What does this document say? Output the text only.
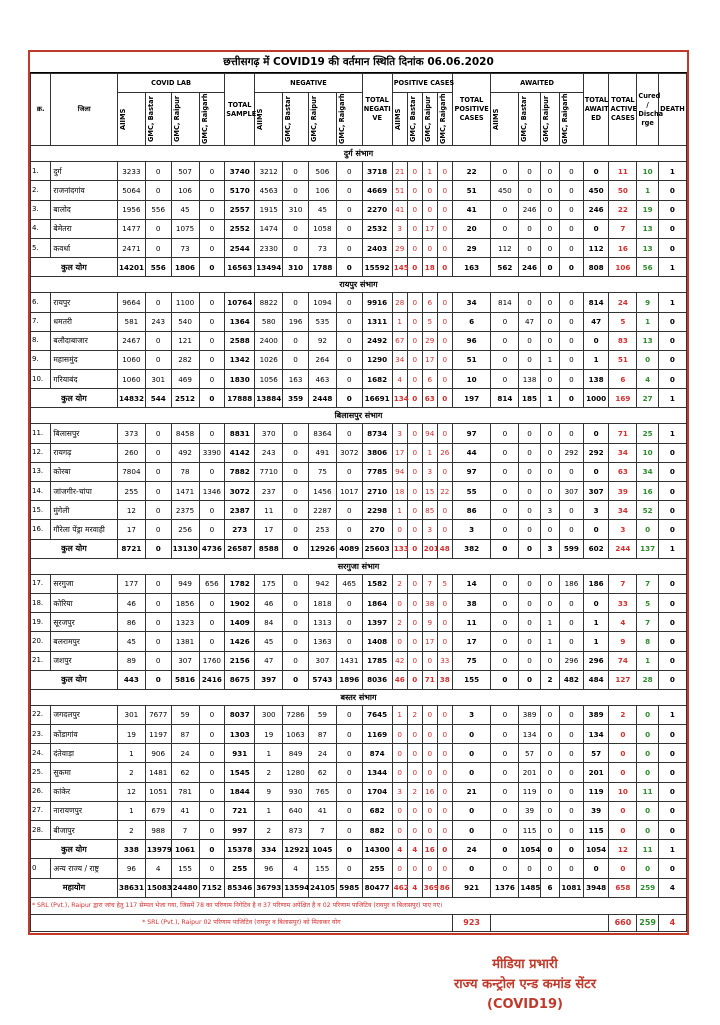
छत्तीसगढ़ में COVID19 की वर्तमान स्थिति दिनांक 06.06.2020
क्र.	जिला	COVID LAB				TOTAL SAMPLE	NEGATIVE				TOTAL NEGATI VE	POSITIVE CASES				TOTAL POSITIVE CASES	AWAITED				TOTAL AWAIT ED	TOTAL ACTIVE CASES	Cured / Discha rge	DEATH

		AIIMS	GMC, Bastar	GMC, Raipur	GMC, Raigarh		AIIMS	GMC, Bastar	GMC, Raipur	GMC, Raigarh		AIIMS	GMC, Bastar	GMC, Raipur	GMC, Raigarh		AIIMS	GMC, Bastar	GMC, Raipur	GMC, Raigarh				

दुर्ग संभाग																								
1.	दुर्ग	3233	0	507	0	3740	3212	0	506	0	3718	21	0	1	0	22	0	0	0	0	0	11	10	1
2.	राजनांदगांव	5064	0	106	0	5170	4563	0	106	0	4669	51	0	0	0	51	450	0	0	0	450	50	1	0
3.	बालोद	1956	556	45	0	2557	1915	310	45	0	2270	41	0	0	0	41	0	246	0	0	246	22	19	0
4.	बेमेतरा	1477	0	1075	0	2552	1474	0	1058	0	2532	3	0	17	0	20	0	0	0	0	0	7	13	0
5.	कवर्धा	2471	0	73	0	2544	2330	0	73	0	2403	29	0	0	0	29	112	0	0	0	112	16	13	0
कुल योग		14201	556	1806	0	16563	13494	310	1788	0	15592	145	0	18	0	163	562	246	0	0	808	106	56	1
रायपुर संभाग																								
6.	रायपुर	9664	0	1100	0	10764	8822	0	1094	0	9916	28	0	6	0	34	814	0	0	0	814	24	9	1
7.	धमतरी	581	243	540	0	1364	580	196	535	0	1311	1	0	5	0	6	0	47	0	0	47	5	1	0
8.	बलौदाबाजार	2467	0	121	0	2588	2400	0	92	0	2492	67	0	29	0	96	0	0	0	0	0	83	13	0
9.	महासमुंद	1060	0	282	0	1342	1026	0	264	0	1290	34	0	17	0	51	0	0	1	0	1	51	0	0
10.	गरियाबंद	1060	301	469	0	1830	1056	163	463	0	1682	4	0	6	0	10	0	138	0	0	138	6	4	0
कुल योग		14832	544	2512	0	17888	13884	359	2448	0	16691	134	0	63	0	197	814	185	1	0	1000	169	27	1
बिलासपुर संभाग																								
11.	बिलासपुर	373	0	8458	0	8831	370	0	8364	0	8734	3	0	94	0	97	0	0	0	0	0	71	25	1
12.	रायगढ़	260	0	492	3390	4142	243	0	491	3072	3806	17	0	1	26	44	0	0	0	292	292	34	10	0
13.	कोरबा	7804	0	78	0	7882	7710	0	75	0	7785	94	0	3	0	97	0	0	0	0	0	63	34	0
14.	जांजगीर-चांपा	255	0	1471	1346	3072	237	0	1456	1017	2710	18	0	15	22	55	0	0	0	307	307	39	16	0
15.	मुंगेली	12	0	2375	0	2387	11	0	2287	0	2298	1	0	85	0	86	0	0	3	0	3	34	52	0
16.	गौरेला पेंड्रा मरवाही	17	0	256	0	273	17	0	253	0	270	0	0	3	0	3	0	0	0	0	0	3	0	0
कुल योग		8721	0	13130	4736	26587	8588	0	12926	4089	25603	133	0	201	48	382	0	0	3	599	602	244	137	1
सरगुजा संभाग																								
17.	सरगुजा	177	0	949	656	1782	175	0	942	465	1582	2	0	7	5	14	0	0	0	186	186	7	7	0
18.	कोरिया	46	0	1856	0	1902	46	0	1818	0	1864	0	0	38	0	38	0	0	0	0	0	33	5	0
19.	सूरजपुर	86	0	1323	0	1409	84	0	1313	0	1397	2	0	9	0	11	0	0	1	0	1	4	7	0
20.	बलरामपुर	45	0	1381	0	1426	45	0	1363	0	1408	0	0	17	0	17	0	0	1	0	1	9	8	0
21.	जशपुर	89	0	307	1760	2156	47	0	307	1431	1785	42	0	0	33	75	0	0	0	296	296	74	1	0
कुल योग		443	0	5816	2416	8675	397	0	5743	1896	8036	46	0	71	38	155	0	0	2	482	484	127	28	0
बस्तर संभाग																								
22.	जगदलपुर	301	7677	59	0	8037	300	7286	59	0	7645	1	2	0	0	3	0	389	0	0	389	2	0	1
23.	कोंडागांव	19	1197	87	0	1303	19	1063	87	0	1169	0	0	0	0	0	0	134	0	0	134	0	0	0
24.	दंतेवाड़ा	1	906	24	0	931	1	849	24	0	874	0	0	0	0	0	0	57	0	0	57	0	0	0
25.	सुकमा	2	1481	62	0	1545	2	1280	62	0	1344	0	0	0	0	0	0	201	0	0	201	0	0	0
26.	कांकेर	12	1051	781	0	1844	9	930	765	0	1704	3	2	16	0	21	0	119	0	0	119	10	11	0
27.	नारायणपुर	1	679	41	0	721	1	640	41	0	682	0	0	0	0	0	0	39	0	0	39	0	0	0
28.	बीजापुर	2	988	7	0	997	2	873	7	0	882	0	0	0	0	0	0	115	0	0	115	0	0	0
कुल योग		338	13979	1061	0	15378	334	12921	1045	0	14300	4	4	16	0	24	0	1054	0	0	1054	12	11	1
0	अन्य राज्य / राष्ट्र	96	4	155	0	255	96	4	155	0	255	0	0	0	0	0	0	0	0	0	0	0	0	0
महायोग		38631	15083	24480	7152	85346	36793	13594	24105	5985	80477	462	4	369	86	921	1376	1485	6	1081	3948	658	259	4
* SRL (Pvt.), Raipur द्वारा जांच हेतु 117 सेम्पल भेजा गया, जिसमें 78 का परिणाम निगेटिव है व 37 परिणाम अपेक्षित है व 02 परिणाम पाजिटिव (रायपुर व बिलासपुर) पाए गए।																								
* SRL (Pvt.), Raipur 02 परिणाम पाजिटिव (रायपुर व बिलासपुर) को मिलाकर योग																923						660	259	4
मीडिया प्रभारी
राज्य कन्ट्रोल एन्ड कमांड सेंटर
(COVID19)
